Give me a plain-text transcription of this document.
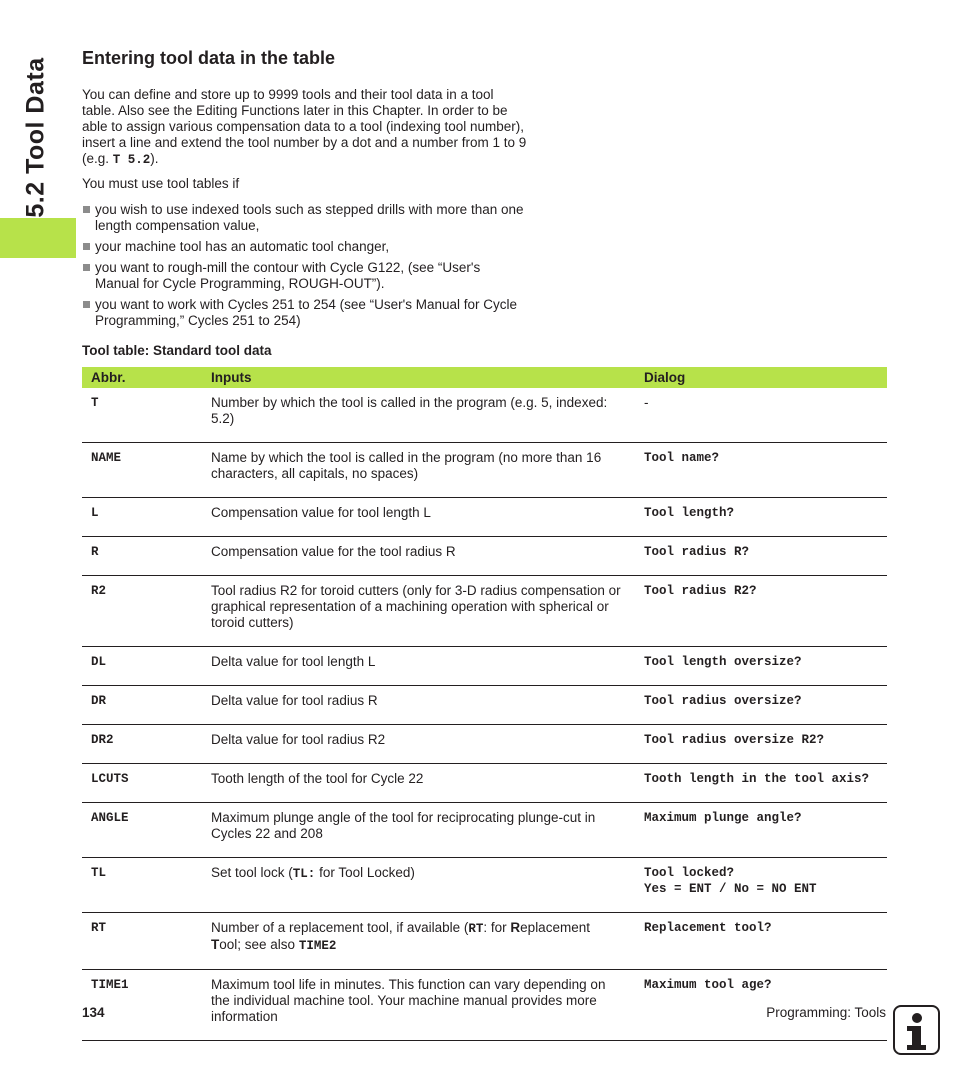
5.2 Tool Data Entering tool data in the table

You can define and store up to 9999 tools and their tool data in a tool table. Also see the Editing Functions later in this Chapter. In order to be able to assign various compensation data to a tool (indexing tool number), insert a line and extend the tool number by a dot and a number from 1 to 9 (e.g. T 5.2).

You must use tool tables if

you wish to use indexed tools such as stepped drills with more than one length compensation value,
your machine tool has an automatic tool changer,
you want to rough-mill the contour with Cycle G122, (see “User's Manual for Cycle Programming, ROUGH-OUT”).
you want to work with Cycles 251 to 254 (see “User's Manual for Cycle Programming,” Cycles 251 to 254)
Tool table: Standard tool data
Abbr.	Inputs	Dialog
T	Number by which the tool is called in the program (e.g. 5, indexed: 5.2)	-
NAME	Name by which the tool is called in the program (no more than 16 characters, all capitals, no spaces)	Tool name?
L	Compensation value for tool length L	Tool length?
R	Compensation value for the tool radius R	Tool radius R?
R2	Tool radius R2 for toroid cutters (only for 3-D radius compensation or graphical representation of a machining operation with spherical or toroid cutters)	Tool radius R2?
DL	Delta value for tool length L	Tool length oversize?
DR	Delta value for tool radius R	Tool radius oversize?
DR2	Delta value for tool radius R2	Tool radius oversize R2?
LCUTS	Tooth length of the tool for Cycle 22	Tooth length in the tool axis?
ANGLE	Maximum plunge angle of the tool for reciprocating plunge-cut in Cycles 22 and 208	Maximum plunge angle?
TL	Set tool lock (TL: for Tool Locked)	Tool locked?
Yes = ENT / No = NO ENT

RT	Number of a replacement tool, if available (RT: for Replacement Tool; see also TIME2	Replacement tool?
TIME1	Maximum tool life in minutes. This function can vary depending on the individual machine tool. Your machine manual provides more information	Maximum tool age?
134	Programming: Tools
